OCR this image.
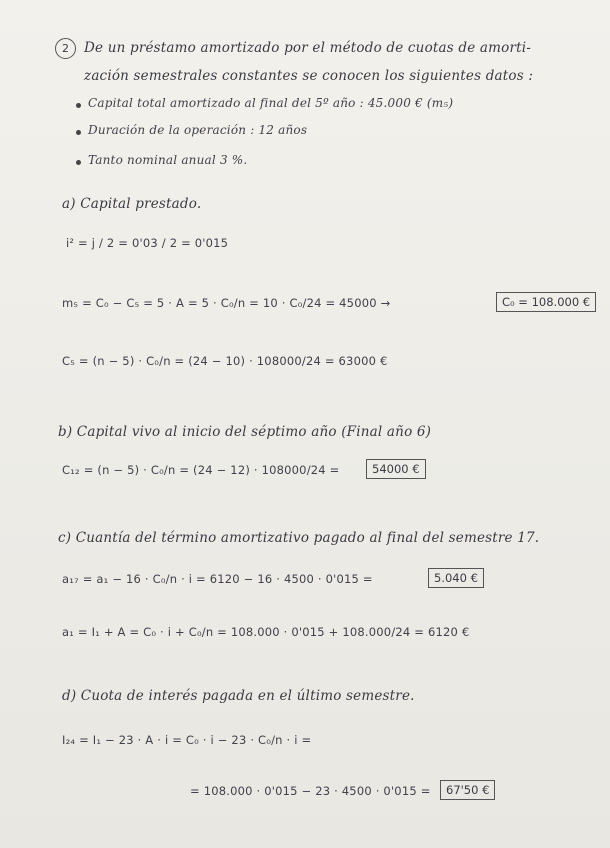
2	De un préstamo amortizado por el método de cuotas de amorti-
zación semestrales constantes se conocen los siguientes datos :
Capital total amortizado al final del 5º año : 45.000 € (m₅)
Duración de la operación : 12 años
Tanto nominal anual 3 %.
a) Capital prestado.
i² = j / 2 = 0'03 / 2 = 0'015
m₅ = C₀ − C₅ = 5 · A = 5 · C₀/n = 10 · C₀/24 = 45000 →	C₀ = 108.000 €
C₅ = (n − 5) · C₀/n = (24 − 10) · 108000/24 = 63000 €
b) Capital vivo al inicio del séptimo año (Final año 6)
C₁₂ = (n − 5) · C₀/n = (24 − 12) · 108000/24 =	54000 €
c) Cuantía del término amortizativo pagado al final del semestre 17.
a₁₇ = a₁ − 16 · C₀/n · i = 6120 − 16 · 4500 · 0'015 =	5.040 €
a₁ = I₁ + A = C₀ · i + C₀/n = 108.000 · 0'015 + 108.000/24 = 6120 €
d) Cuota de interés pagada en el último semestre.
I₂₄ = I₁ − 23 · A · i = C₀ · i − 23 · C₀/n · i =
= 108.000 · 0'015 − 23 · 4500 · 0'015 =	67'50 €
